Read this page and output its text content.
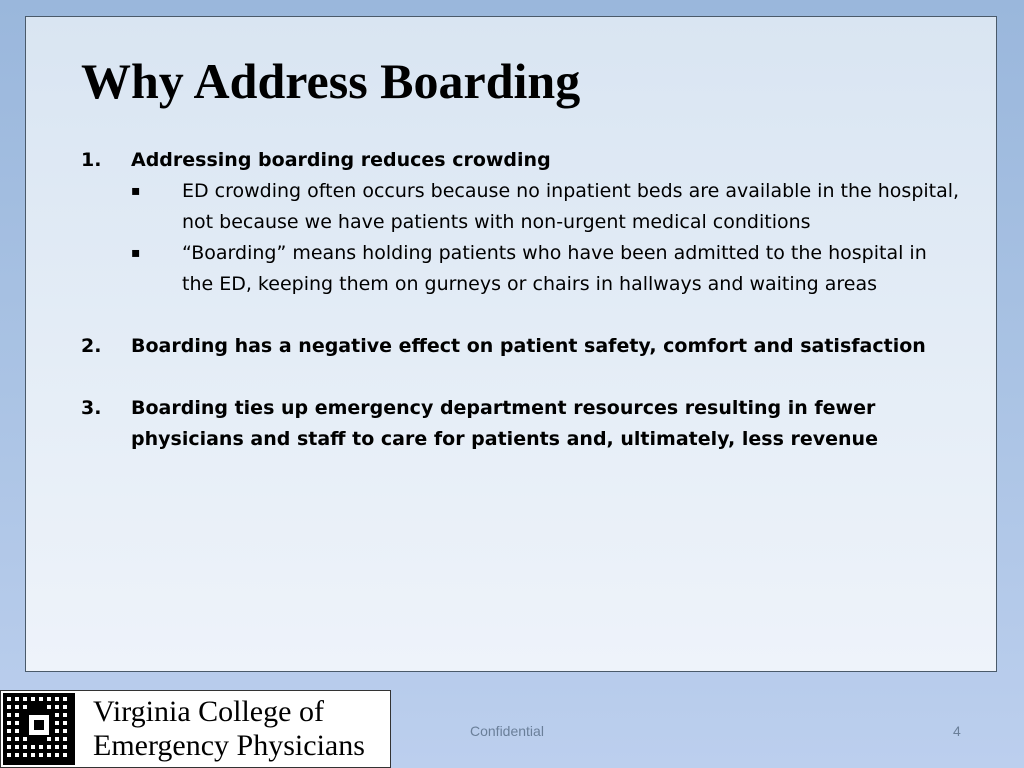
Why Address Boarding
1.	Addressing boarding reduces crowding
▪	ED crowding often occurs because no inpatient beds are available in the hospital, not because we have patients with non-urgent medical conditions
▪	“Boarding” means holding patients who have been admitted to the hospital in the ED, keeping them on gurneys or chairs in hallways and waiting areas
2.	Boarding has a negative effect on patient safety, comfort and satisfaction
3.	Boarding ties up emergency department resources resulting in fewer physicians and staff to care for patients and, ultimately, less revenue

Virginia College of
Emergency Physicians	Confidential	4
